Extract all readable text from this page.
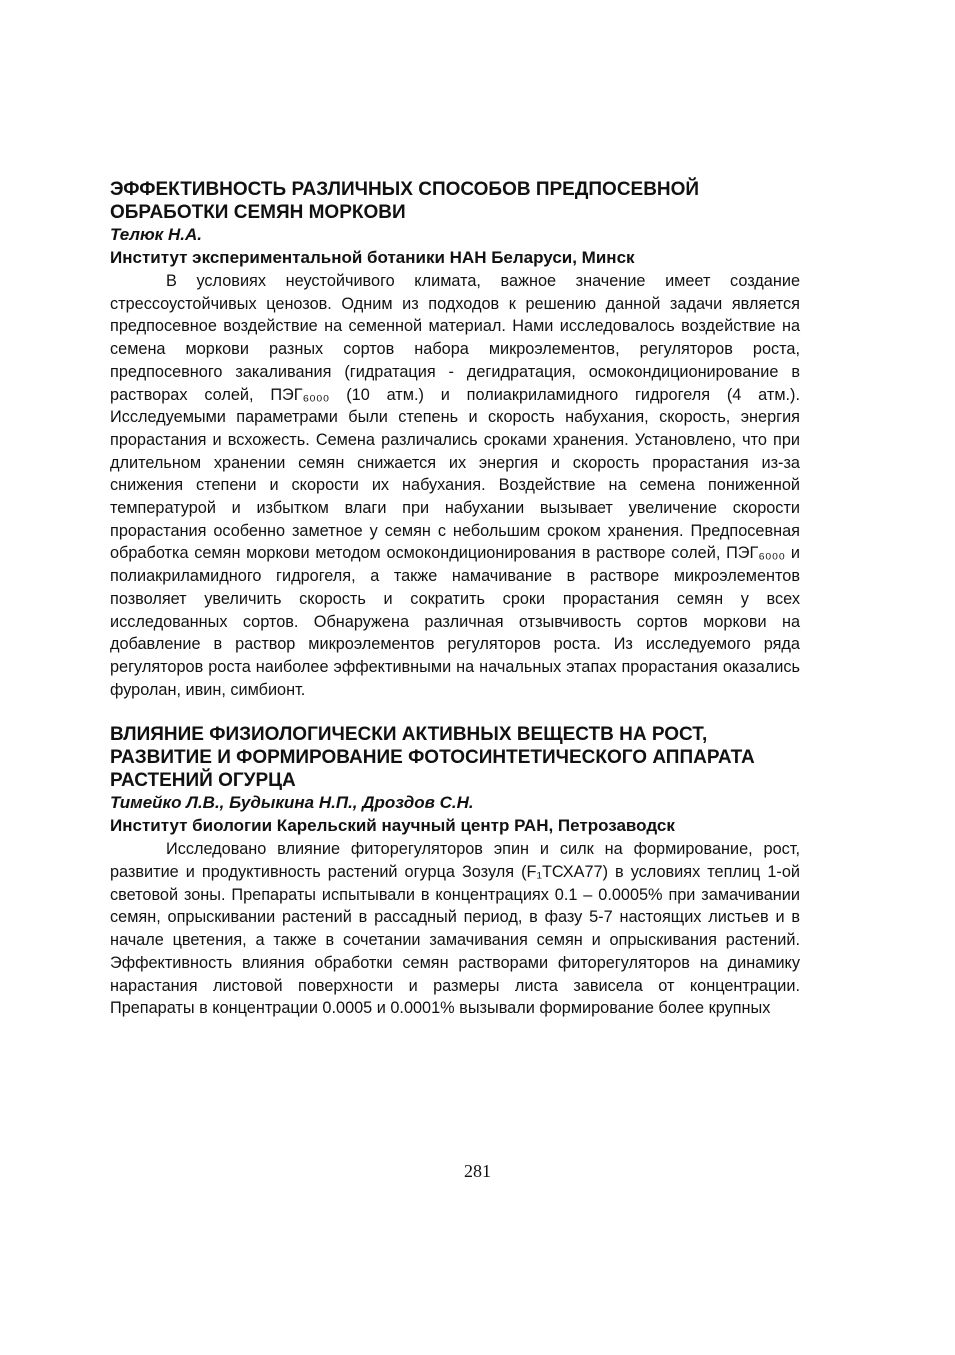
ЭФФЕКТИВНОСТЬ РАЗЛИЧНЫХ СПОСОБОВ ПРЕДПОСЕВНОЙ ОБРАБОТКИ СЕМЯН МОРКОВИ

Телюк Н.А.

Институт экспериментальной ботаники НАН Беларуси, Минск

В условиях неустойчивого климата, важное значение имеет создание стрессоустойчивых ценозов. Одним из подходов к решению данной задачи является предпосевное воздействие на семенной материал. Нами исследовалось воздействие на семена моркови разных сортов набора микроэлементов, регуляторов роста, предпосевного закаливания (гидратация - дегидратация, осмокондиционирование в растворах солей, ПЭГ₆₀₀₀ (10 атм.) и полиакриламидного гидрогеля (4 атм.). Исследуемыми параметрами были степень и скорость набухания, скорость, энергия прорастания и всхожесть. Семена различались сроками хранения. Установлено, что при длительном хранении семян снижается их энергия и скорость прорастания из-за снижения степени и скорости их набухания. Воздействие на семена пониженной температурой и избытком влаги при набухании вызывает увеличение скорости прорастания особенно заметное у семян с небольшим сроком хранения. Предпосевная обработка семян моркови методом осмокондиционирования в растворе солей, ПЭГ₆₀₀₀ и полиакриламидного гидрогеля, а также намачивание в растворе микроэлементов позволяет увеличить скорость и сократить сроки прорастания семян у всех исследованных сортов. Обнаружена различная отзывчивость сортов моркови на добавление в раствор микроэлементов регуляторов роста. Из исследуемого ряда регуляторов роста наиболее эффективными на начальных этапах прорастания оказались фуролан, ивин, симбионт.

ВЛИЯНИЕ ФИЗИОЛОГИЧЕСКИ АКТИВНЫХ ВЕЩЕСТВ НА РОСТ, РАЗВИТИЕ И ФОРМИРОВАНИЕ ФОТОСИНТЕТИЧЕСКОГО АППАРАТА РАСТЕНИЙ ОГУРЦА

Тимейко Л.В., Будыкина Н.П., Дроздов С.Н.

Институт биологии Карельский научный центр РАН, Петрозаводск

Исследовано влияние фиторегуляторов эпин и силк на формирование, рост, развитие и продуктивность растений огурца Зозуля (F₁ТСХА77) в условиях теплиц 1-ой световой зоны. Препараты испытывали в концентрациях 0.1 – 0.0005% при замачивании семян, опрыскивании растений в рассадный период, в фазу 5-7 настоящих листьев и в начале цветения, а также в сочетании замачивания семян и опрыскивания растений. Эффективность влияния обработки семян растворами фиторегуляторов на динамику нарастания листовой поверхности и размеры листа зависела от концентрации. Препараты в концентрации 0.0005 и 0.0001% вызывали формирование более крупных

281
